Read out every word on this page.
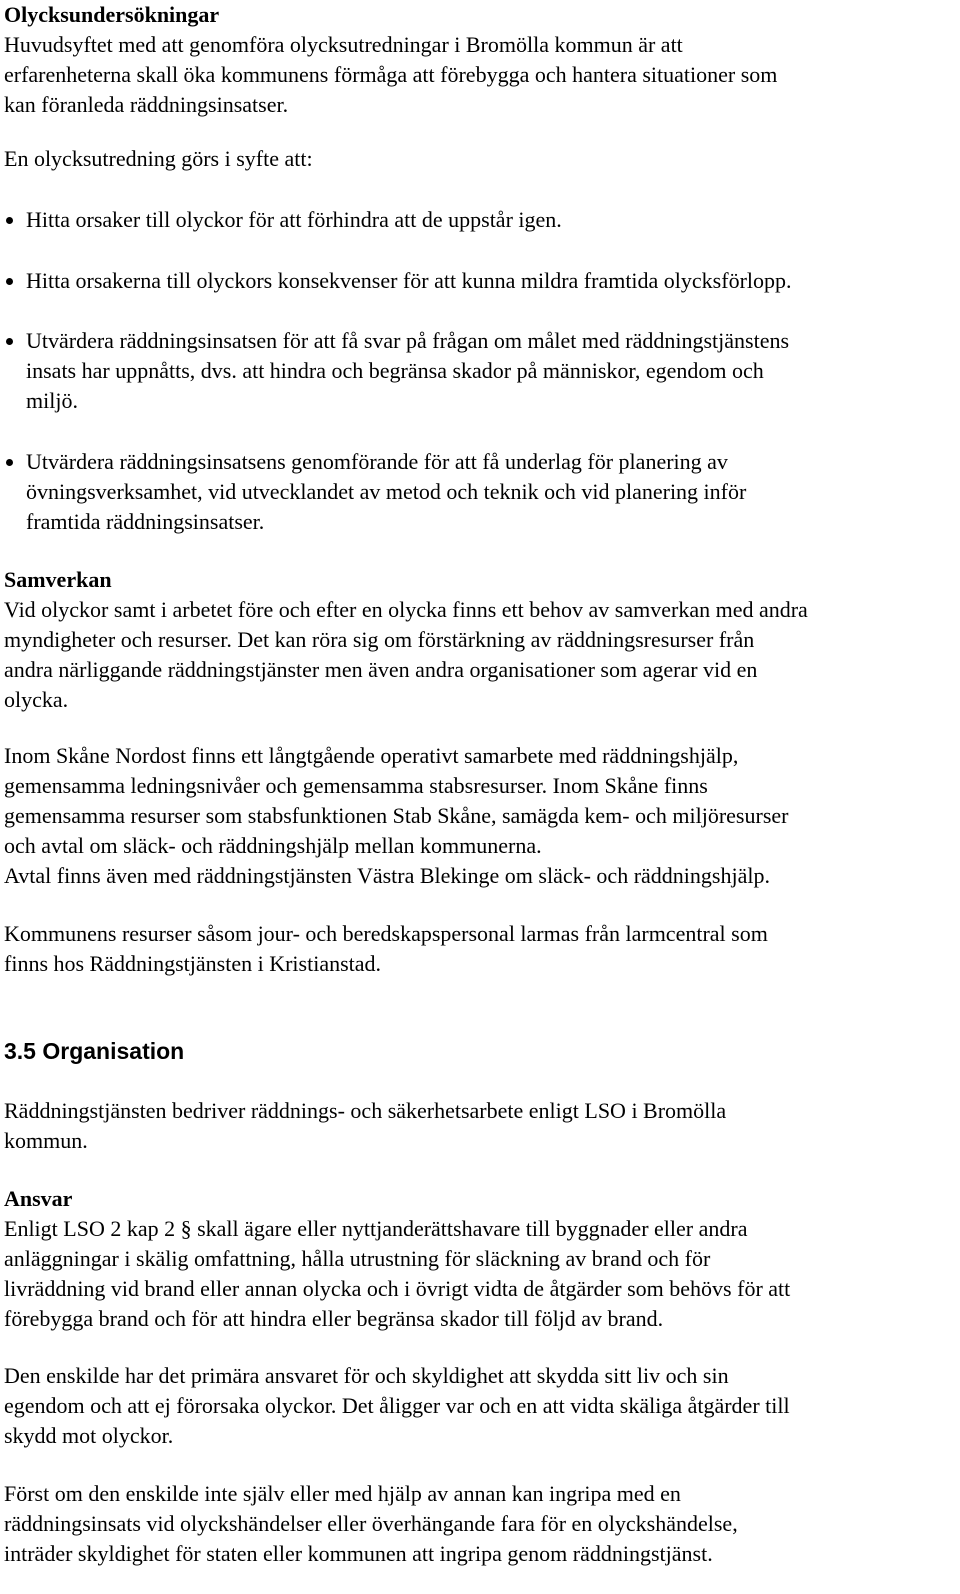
Olycksundersökningar
Huvudsyftet med att genomföra olycksutredningar i Bromölla kommun är att
erfarenheterna skall öka kommunens förmåga att förebygga och hantera situationer som
kan föranleda räddningsinsatser.
En olycksutredning görs i syfte att:
Hitta orsaker till olyckor för att förhindra att de uppstår igen.
Hitta orsakerna till olyckors konsekvenser för att kunna mildra framtida olycksförlopp.
Utvärdera räddningsinsatsen för att få svar på frågan om målet med räddningstjänstens
insats har uppnåtts, dvs. att hindra och begränsa skador på människor, egendom och
miljö.
Utvärdera räddningsinsatsens genomförande för att få underlag för planering av
övningsverksamhet, vid utvecklandet av metod och teknik och vid planering inför
framtida räddningsinsatser.
Samverkan
Vid olyckor samt i arbetet före och efter en olycka finns ett behov av samverkan med andra
myndigheter och resurser. Det kan röra sig om förstärkning av räddningsresurser från
andra närliggande räddningstjänster men även andra organisationer som agerar vid en
olycka.
Inom Skåne Nordost finns ett långtgående operativt samarbete med räddningshjälp,
gemensamma ledningsnivåer och gemensamma stabsresurser. Inom Skåne finns
gemensamma resurser som stabsfunktionen Stab Skåne, samägda kem- och miljöresurser
och avtal om släck- och räddningshjälp mellan kommunerna.
Avtal finns även med räddningstjänsten Västra Blekinge om släck- och räddningshjälp.
Kommunens resurser såsom jour- och beredskapspersonal larmas från larmcentral som
finns hos Räddningstjänsten i Kristianstad.
3.5 Organisation
Räddningstjänsten bedriver räddnings- och säkerhetsarbete enligt LSO i Bromölla
kommun.
Ansvar
Enligt LSO 2 kap 2 § skall ägare eller nyttjanderättshavare till byggnader eller andra
anläggningar i skälig omfattning, hålla utrustning för släckning av brand och för
livräddning vid brand eller annan olycka och i övrigt vidta de åtgärder som behövs för att
förebygga brand och för att hindra eller begränsa skador till följd av brand.
Den enskilde har det primära ansvaret för och skyldighet att skydda sitt liv och sin
egendom och att ej förorsaka olyckor. Det åligger var och en att vidta skäliga åtgärder till
skydd mot olyckor.
Först om den enskilde inte själv eller med hjälp av annan kan ingripa med en
räddningsinsats vid olyckshändelser eller överhängande fara för en olyckshändelse,
inträder skyldighet för staten eller kommunen att ingripa genom räddningstjänst.
